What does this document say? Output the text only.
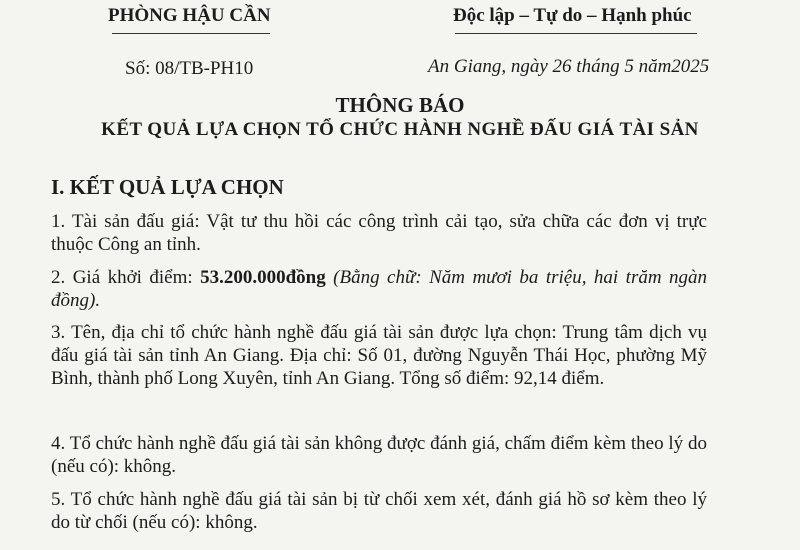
PHÒNG HẬU CẦN	Độc lập – Tự do – Hạnh phúc
Số: 08/TB-PH10	An Giang, ngày 26 tháng 5 năm2025
THÔNG BÁO
KẾT QUẢ LỰA CHỌN TỔ CHỨC HÀNH NGHỀ ĐẤU GIÁ TÀI SẢN
I. KẾT QUẢ LỰA CHỌN
1. Tài sản đấu giá: Vật tư thu hồi các công trình cải tạo, sửa chữa các đơn vị trực thuộc Công an tỉnh.
2. Giá khởi điểm: 53.200.000đồng (Bằng chữ: Năm mươi ba triệu, hai trăm ngàn đồng).
3. Tên, địa chỉ tổ chức hành nghề đấu giá tài sản được lựa chọn: Trung tâm dịch vụ đấu giá tài sản tỉnh An Giang. Địa chỉ: Số 01, đường Nguyễn Thái Học, phường Mỹ Bình, thành phố Long Xuyên, tỉnh An Giang. Tổng số điểm: 92,14 điểm.
4. Tổ chức hành nghề đấu giá tài sản không được đánh giá, chấm điểm kèm theo lý do (nếu có): không.
5. Tổ chức hành nghề đấu giá tài sản bị từ chối xem xét, đánh giá hồ sơ kèm theo lý do từ chối (nếu có): không.
